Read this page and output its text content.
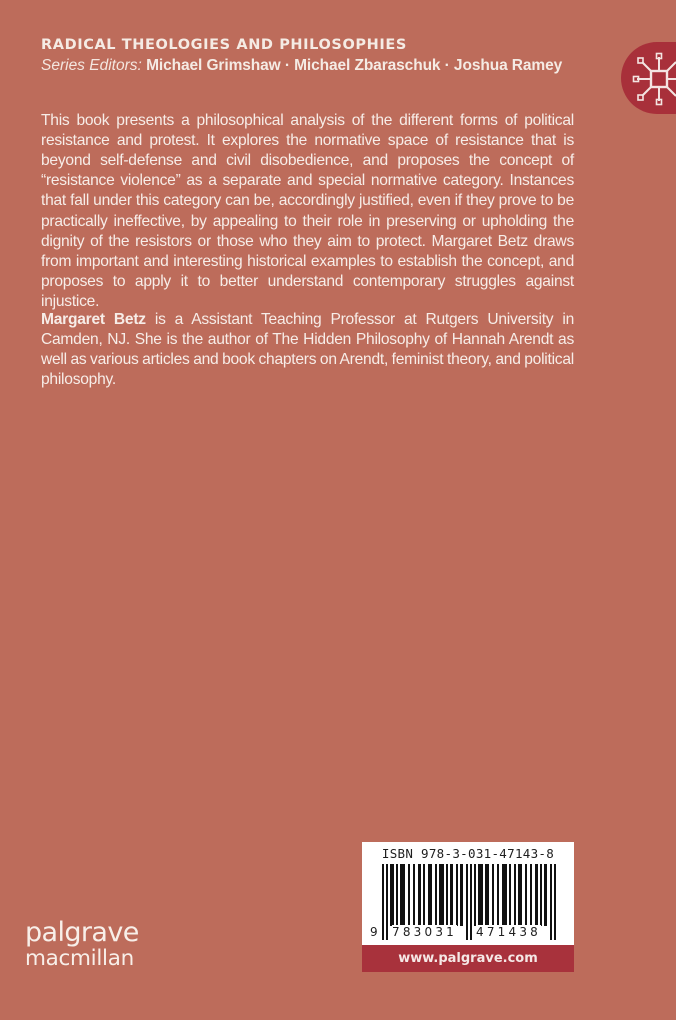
RADICAL THEOLOGIES AND PHILOSOPHIES
Series Editors: Michael Grimshaw · Michael Zbaraschuk · Joshua Ramey

This book presents a philosophical analysis of the different forms of political resistance and protest. It explores the normative space of resistance that is beyond self-defense and civil disobedience, and proposes the concept of “resistance violence” as a separate and special normative category. Instances that fall under this category can be, accordingly justified, even if they prove to be practically ineffective, by appealing to their role in preserving or upholding the dignity of the resistors or those who they aim to protect. Margaret Betz draws from important and interesting historical examples to establish the concept, and proposes to apply it to better understand contemporary struggles against injustice.

Margaret Betz is a Assistant Teaching Professor at Rutgers University in Camden, NJ. She is the author of The Hidden Philosophy of Hannah Arendt as well as various articles and book chapters on Arendt, feminist theory, and political philosophy.

palgrave
macmillan
ISBN 978-3-031-47143-8
9 783031 471438
www.palgrave.com
